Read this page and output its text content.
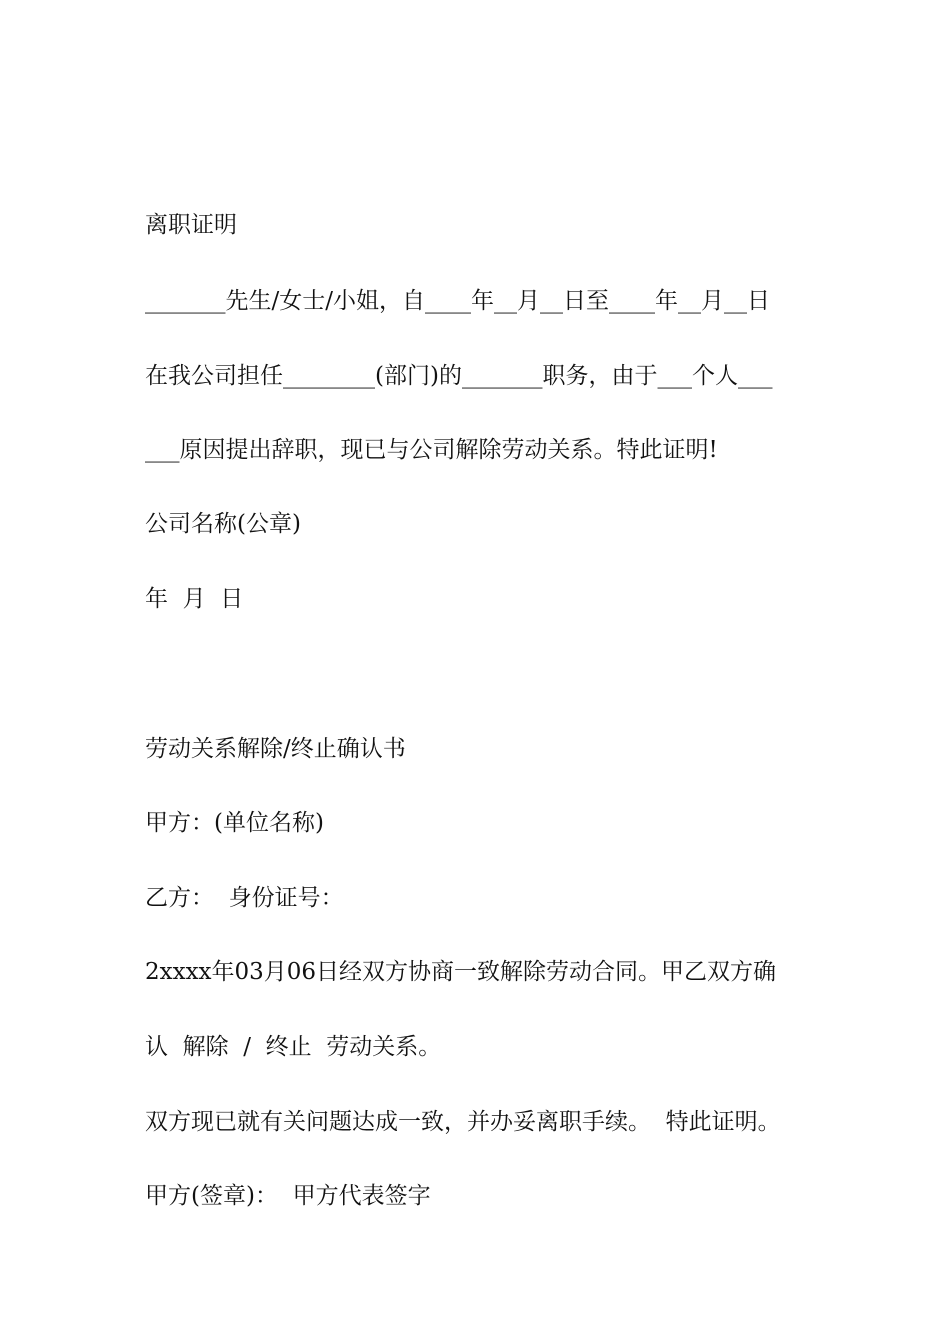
离职证明

_______先生/女士/小姐，自____年__月__日至____年__月__日

在我公司担任________(部门)的_______职务，由于___个人___

___原因提出辞职，现已与公司解除劳动关系。特此证明!

公司名称(公章)

年  月  日

劳动关系解除/终止确认书

甲方：(单位名称)

乙方：  身份证号：

2xxxx年03月06日经双方协商一致解除劳动合同。甲乙双方确

认  解除  /  终止  劳动关系。

双方现已就有关问题达成一致，并办妥离职手续。  特此证明。

甲方(签章)：  甲方代表签字
